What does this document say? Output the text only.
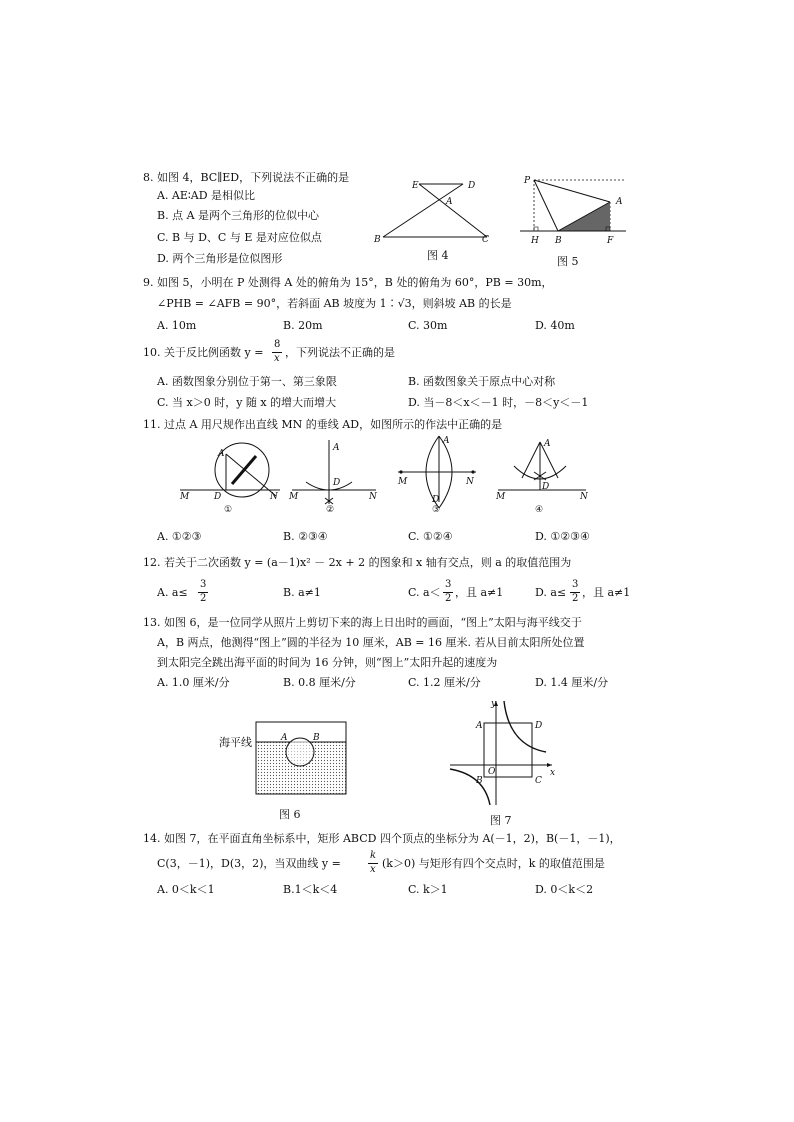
8. 如图 4，BC∥ED，下列说法不正确的是
A. AE∶AD 是相似比
B. 点 A 是两个三角形的位似中心
C. B 与 D、C 与 E 是对应位似点
D. 两个三角形是位似图形
E	D
A
B	C
图 4
P
A
H B	F
图 5
9. 如图 5，小明在 P 处测得 A 处的俯角为 15°，B 处的俯角为 60°，PB = 30m，
∠PHB = ∠AFB = 90°，若斜面 AB 坡度为 1∶√3，则斜坡 AB 的长是
A. 10m	B. 20m	C. 30m	D. 40m
10. 关于反比例函数 y =
8
x ，下列说法不正确的是
A. 函数图象分别位于第一、第三象限	B. 函数图象关于原点中心对称
C. 当 x＞0 时，y 随 x 的增大而增大	D. 当－8＜x＜－1 时，－8＜y＜－1
11. 过点 A 用尺规作出直线 MN 的垂线 AD，如图所示的作法中正确的是
A
M	D	N
A
M
D
N
A
M
D
N
A
M
D
N
①	②	③	④
A. ①②③	B. ②③④	C. ①②④	D. ①②③④
12. 若关于二次函数 y = (a－1)x² － 2x + 2 的图象和 x 轴有交点，则 a 的取值范围为
A. a≤
3
2	B. a≠1	C. a＜
3
2 ，且 a≠1	D. a≤
3
2 ，且 a≠1
13. 如图 6，是一位同学从照片上剪切下来的海上日出时的画面，“图上”太阳与海平线交于
A，B 两点，他测得“图上”圆的半径为 10 厘米，AB = 16 厘米. 若从目前太阳所处位置
到太阳完全跳出海平面的时间为 16 分钟，则“图上”太阳升起的速度为
A. 1.0 厘米/分	B. 0.8 厘米/分	C. 1.2 厘米/分	D. 1.4 厘米/分
海平线	A	B
图 6
y
A	D
O	x
B	C
图 7
14. 如图 7，在平面直角坐标系中，矩形 ABCD 四个顶点的坐标分为 A(－1，2)，B(－1，－1)，
C(3，－1)，D(3，2)，当双曲线 y =
k
x (k＞0) 与矩形有四个交点时，k 的取值范围是
A. 0＜k＜1	B.1＜k＜4	C. k＞1	D. 0＜k＜2
